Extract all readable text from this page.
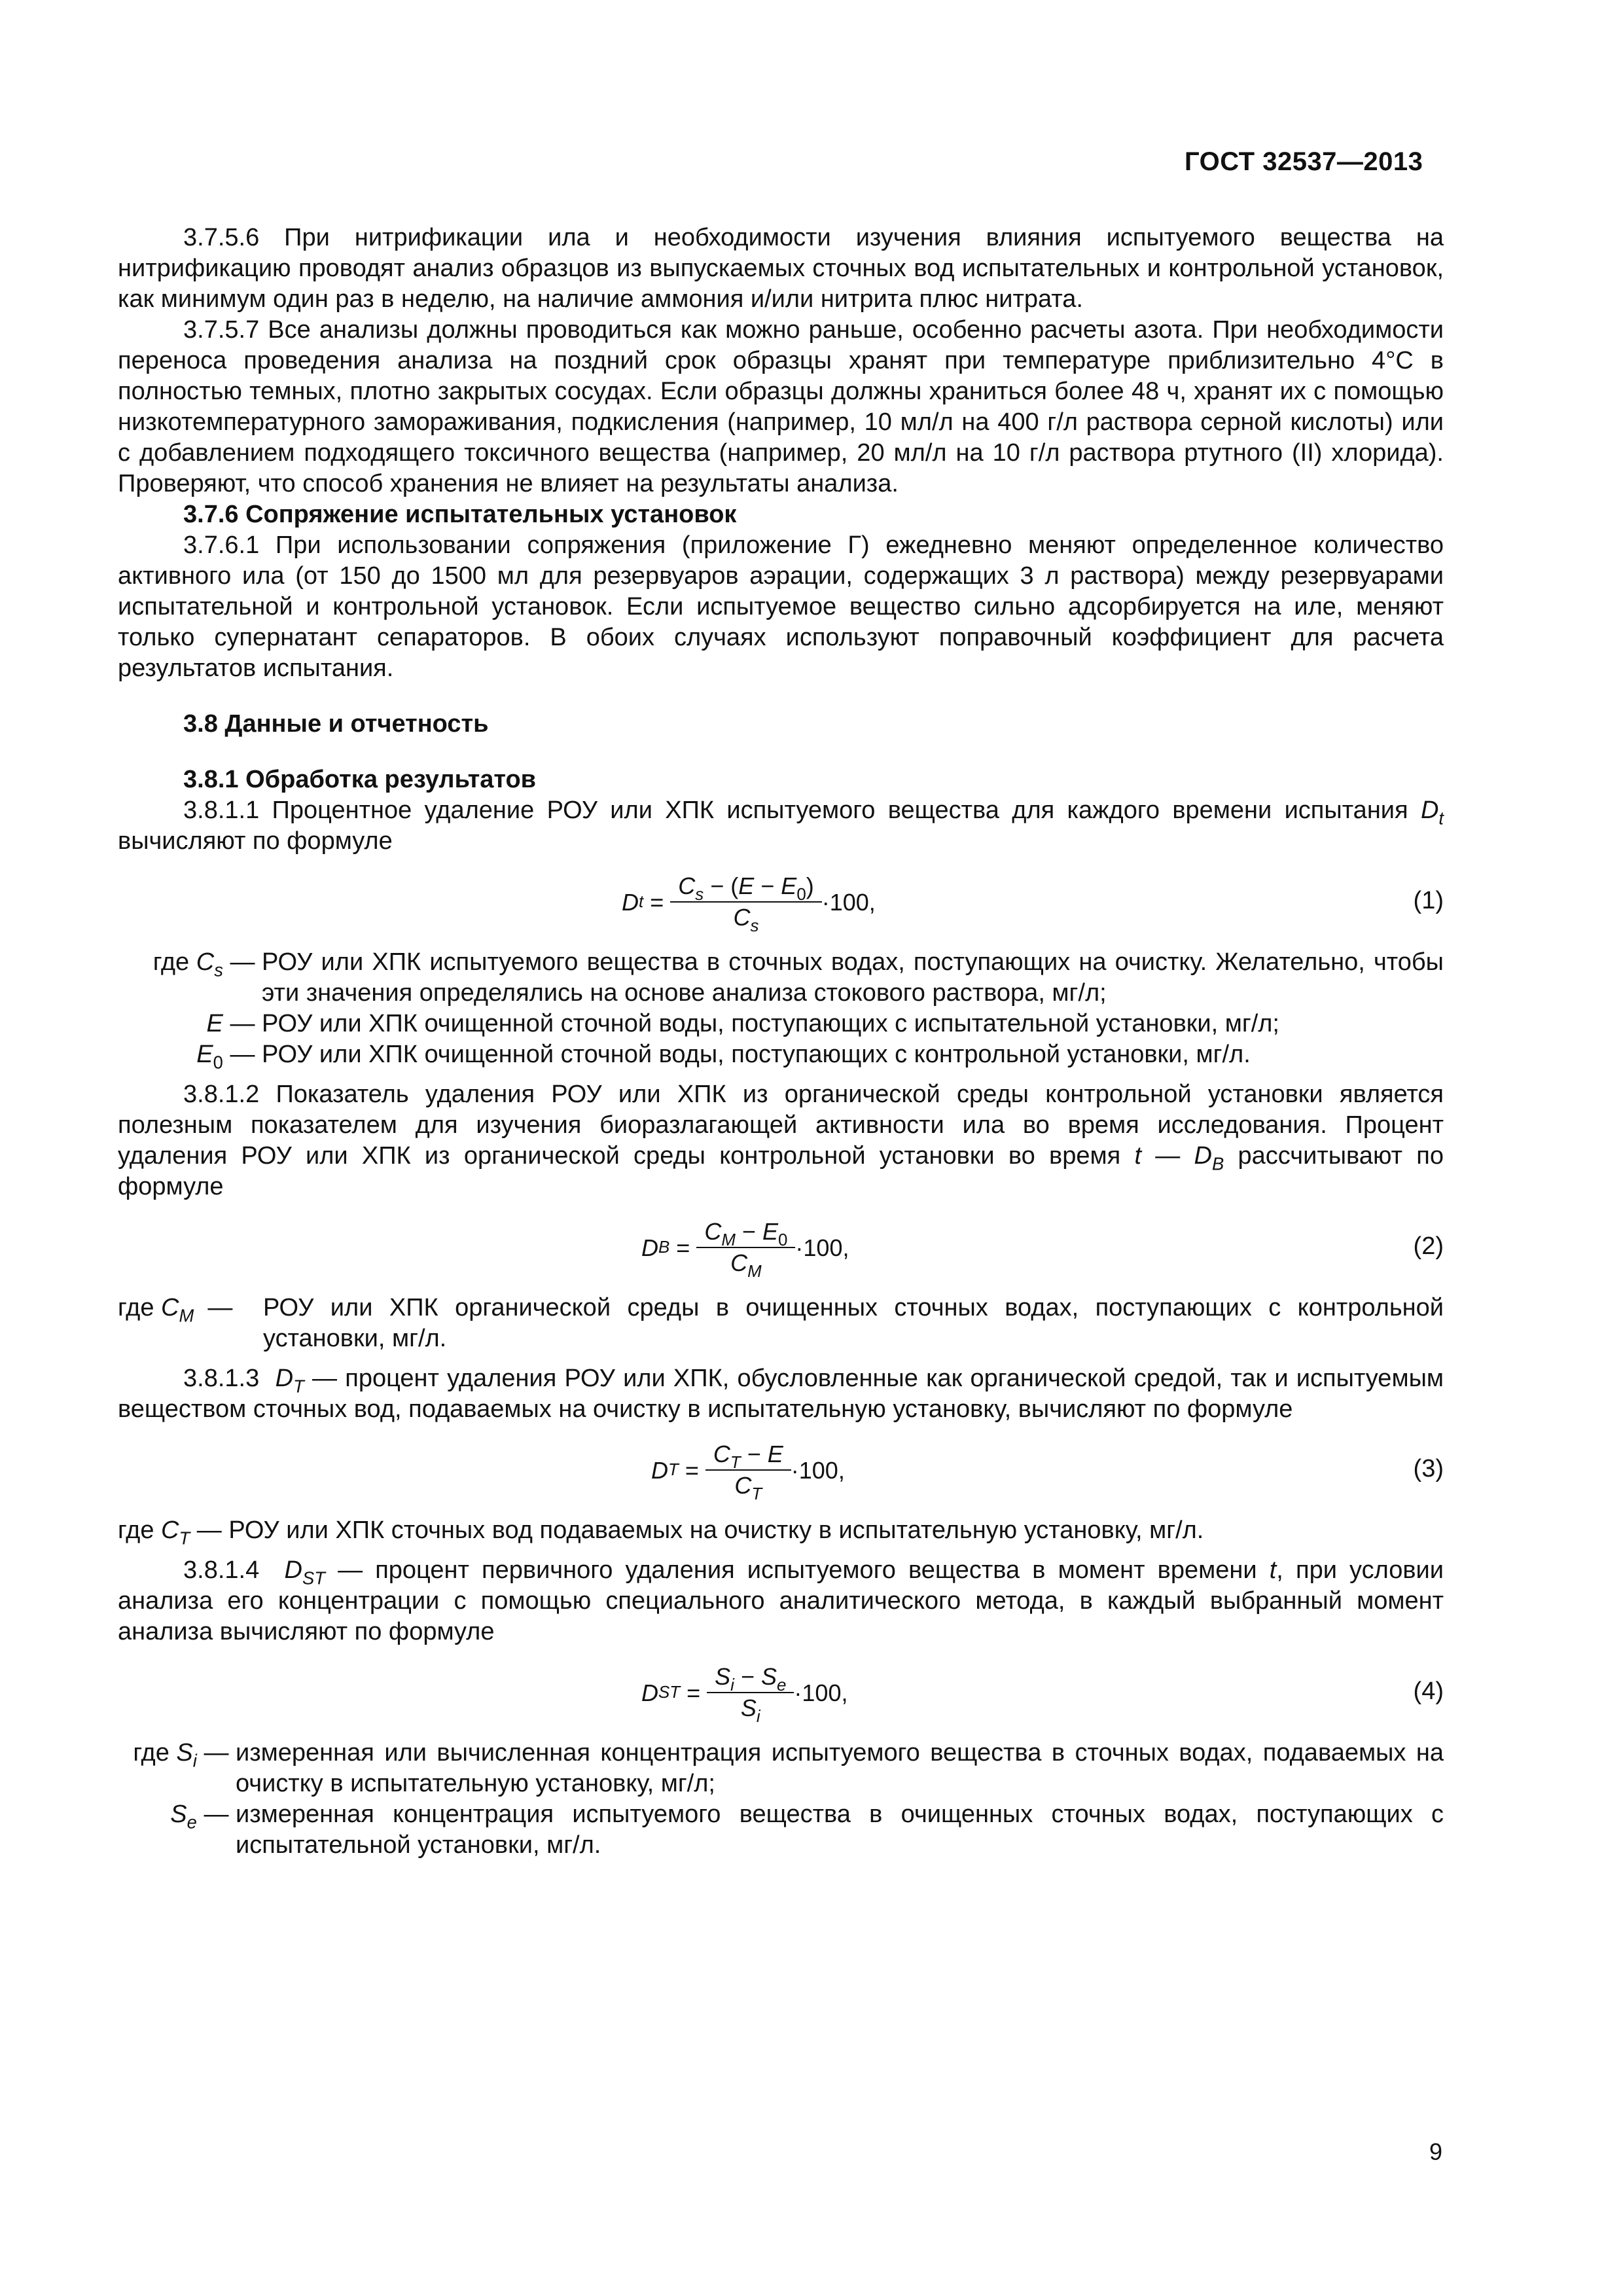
ГОСТ 32537—2013

3.7.5.6 При нитрификации ила и необходимости изучения влияния испытуемого вещества на нитрификацию проводят анализ образцов из выпускаемых сточных вод испытательных и контрольной установок, как минимум один раз в неделю, на наличие аммония и/или нитрита плюс нитрата.

3.7.5.7 Все анализы должны проводиться как можно раньше, особенно расчеты азота. При необходимости переноса проведения анализа на поздний срок образцы хранят при температуре приблизительно 4°С в полностью темных, плотно закрытых сосудах. Если образцы должны храниться более 48 ч, хранят их с помощью низкотемпературного замораживания, подкисления (например, 10 мл/л на 400 г/л раствора серной кислоты) или с добавлением подходящего токсичного вещества (например, 20 мл/л на 10 г/л раствора ртутного (II) хлорида). Проверяют, что способ хранения не влияет на результаты анализа.

3.7.6 Сопряжение испытательных установок

3.7.6.1 При использовании сопряжения (приложение Г) ежедневно меняют определенное количество активного ила (от 150 до 1500 мл для резервуаров аэрации, содержащих 3 л раствора) между резервуарами испытательной и контрольной установок. Если испытуемое вещество сильно адсорбируется на иле, меняют только супернатант сепараторов. В обоих случаях используют поправочный коэффициент для расчета результатов испытания.

3.8 Данные и отчетность

3.8.1 Обработка результатов

3.8.1.1 Процентное удаление РОУ или ХПК испытуемого вещества для каждого времени испытания $D_t$ вычисляют по формуле

D $t = \frac{C_s - (E - E_0)}{C_s} \cdot 100$,	(1)
где $C_s$ — РОУ или ХПК испытуемого вещества в сточных водах, поступающих на очистку. Желательно, чтобы эти значения определялись на основе анализа стокового раствора, мг/л;
E — РОУ или ХПК очищенной сточной воды, поступающих с испытательной установки, мг/л;
$E_0$ — РОУ или ХПК очищенной сточной воды, поступающих с контрольной установки, мг/л.

3.8.1.2 Показатель удаления РОУ или ХПК из органической среды контрольной установки является полезным показателем для изучения биоразлагающей активности ила во время исследования. Процент удаления РОУ или ХПК из органической среды контрольной установки во время t — $D_B$ рассчитывают по формуле

D $B = \frac{C_M - E_0}{C_M} \cdot 100$,	(2)
где $C_M$ —	РОУ или ХПК органической среды в очищенных сточных водах, поступающих с контрольной установки, мг/л.

3.8.1.3 $D_T$ — процент удаления РОУ или ХПК, обусловленные как органической средой, так и испытуемым веществом сточных вод, подаваемых на очистку в испытательную установку, вычисляют по формуле

D $T = \frac{C_T - E}{C_T} \cdot 100$,	(3)
где $C_T$ — РОУ или ХПК сточных вод подаваемых на очистку в испытательную установку, мг/л.

3.8.1.4 $D_{ST}$ — процент первичного удаления испытуемого вещества в момент времени t, при условии анализа его концентрации с помощью специального аналитического метода, в каждый выбранный момент анализа вычисляют по формуле

D ST = $\frac{S_i - S_e}{S_i} \cdot 100$,	(4)
где $S_i$ — измеренная или вычисленная концентрация испытуемого вещества в сточных водах, подаваемых на очистку в испытательную установку, мг/л;
$S_e$ — измеренная концентрация испытуемого вещества в очищенных сточных водах, поступающих с испытательной установки, мг/л.
9
